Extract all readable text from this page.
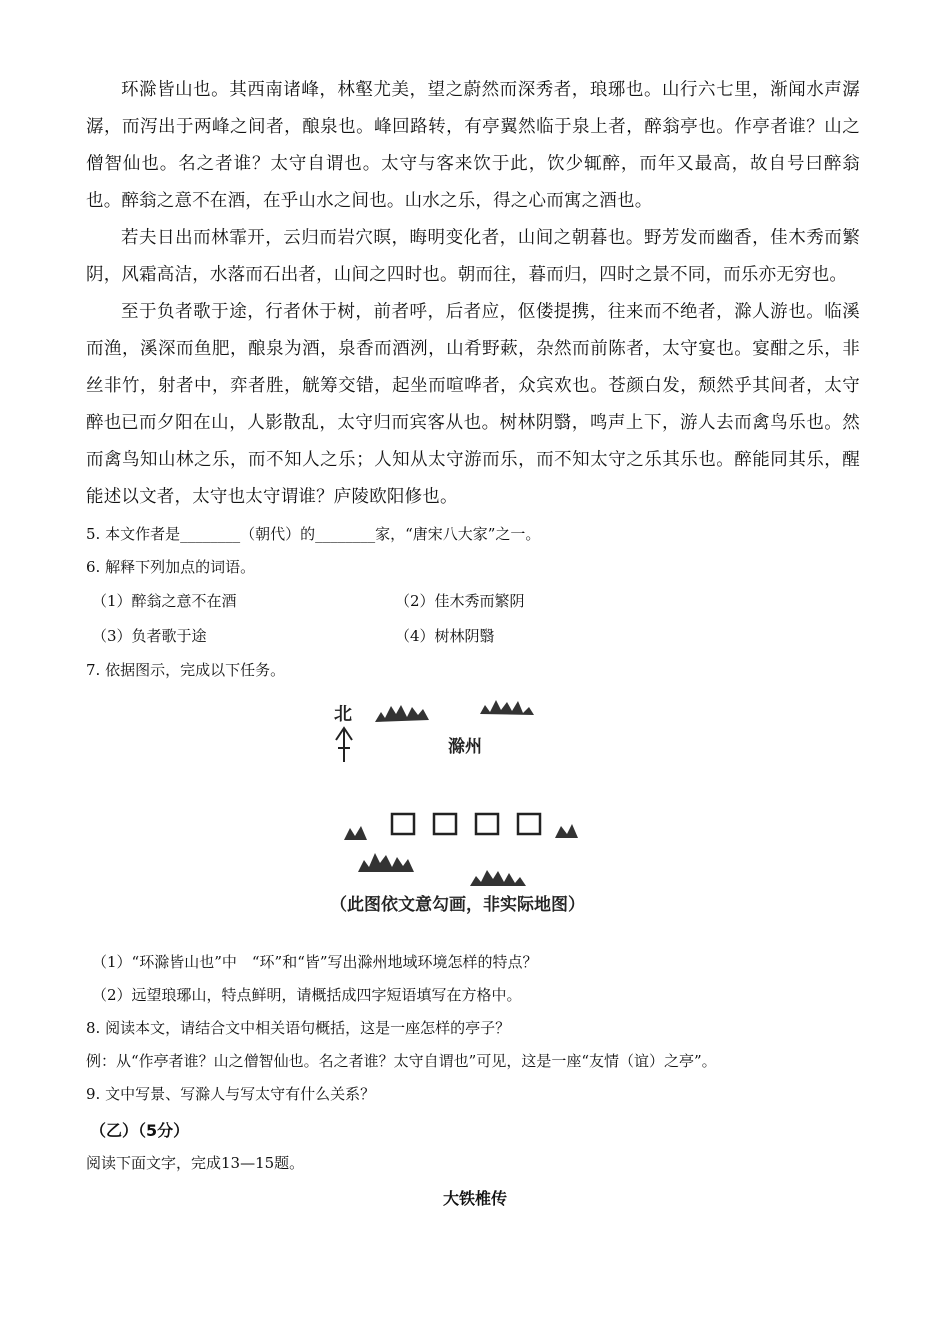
环滁皆山也。其西南诸峰，林壑尤美，望之蔚然而深秀者，琅琊也。山行六七里，渐闻水声潺潺，而泻出于两峰之间者，酿泉也。峰回路转，有亭翼然临于泉上者，醉翁亭也。作亭者谁？山之僧智仙也。名之者谁？太守自谓也。太守与客来饮于此，饮少辄醉，而年又最高，故自号曰醉翁也。醉翁之意不在酒，在乎山水之间也。山水之乐，得之心而寓之酒也。
若夫日出而林霏开，云归而岩穴暝，晦明变化者，山间之朝暮也。野芳发而幽香，佳木秀而繁阴，风霜高洁，水落而石出者，山间之四时也。朝而往，暮而归，四时之景不同，而乐亦无穷也。
至于负者歌于途，行者休于树，前者呼，后者应，伛偻提携，往来而不绝者，滁人游也。临溪而渔，溪深而鱼肥，酿泉为酒，泉香而酒洌，山肴野蔌，杂然而前陈者，太守宴也。宴酣之乐，非丝非竹，射者中，弈者胜，觥筹交错，起坐而喧哗者，众宾欢也。苍颜白发，颓然乎其间者，太守醉也 已而夕阳在山，人影散乱，太守归而宾客从也。树林阴翳，鸣声上下，游人去而禽鸟乐也。然而禽鸟知山林之乐，而不知人之乐；人知从太守游而乐，而不知太守之乐其乐也。醉能同其乐，醒能述以文者，太守也太守谓谁？庐陵欧阳修也。
5. 本文作者是________（朝代）的________家，“唐宋八大家”之一。
6. 解释下列加点的词语。
（1）醉翁之意不在酒	（2）佳木秀而繁阴
（3）负者歌于途	（4）树林阴翳
7. 依据图示，完成以下任务。
北
滁州
（此图依文意勾画，非实际地图）
（1）“环滁皆山也”中　“环”和“皆”写出滁州地域环境怎样的特点？
（2）远望琅琊山，特点鲜明，请概括成四字短语填写在方格中。
8. 阅读本文，请结合文中相关语句概括，这是一座怎样的亭子？
例：从“作亭者谁？山之僧智仙也。名之者谁？太守自谓也”可见，这是一座“友情（谊）之亭”。
9. 文中写景、写滁人与写太守有什么关系？
（乙）（5分）
阅读下面文字，完成13—15题。
大铁椎传
